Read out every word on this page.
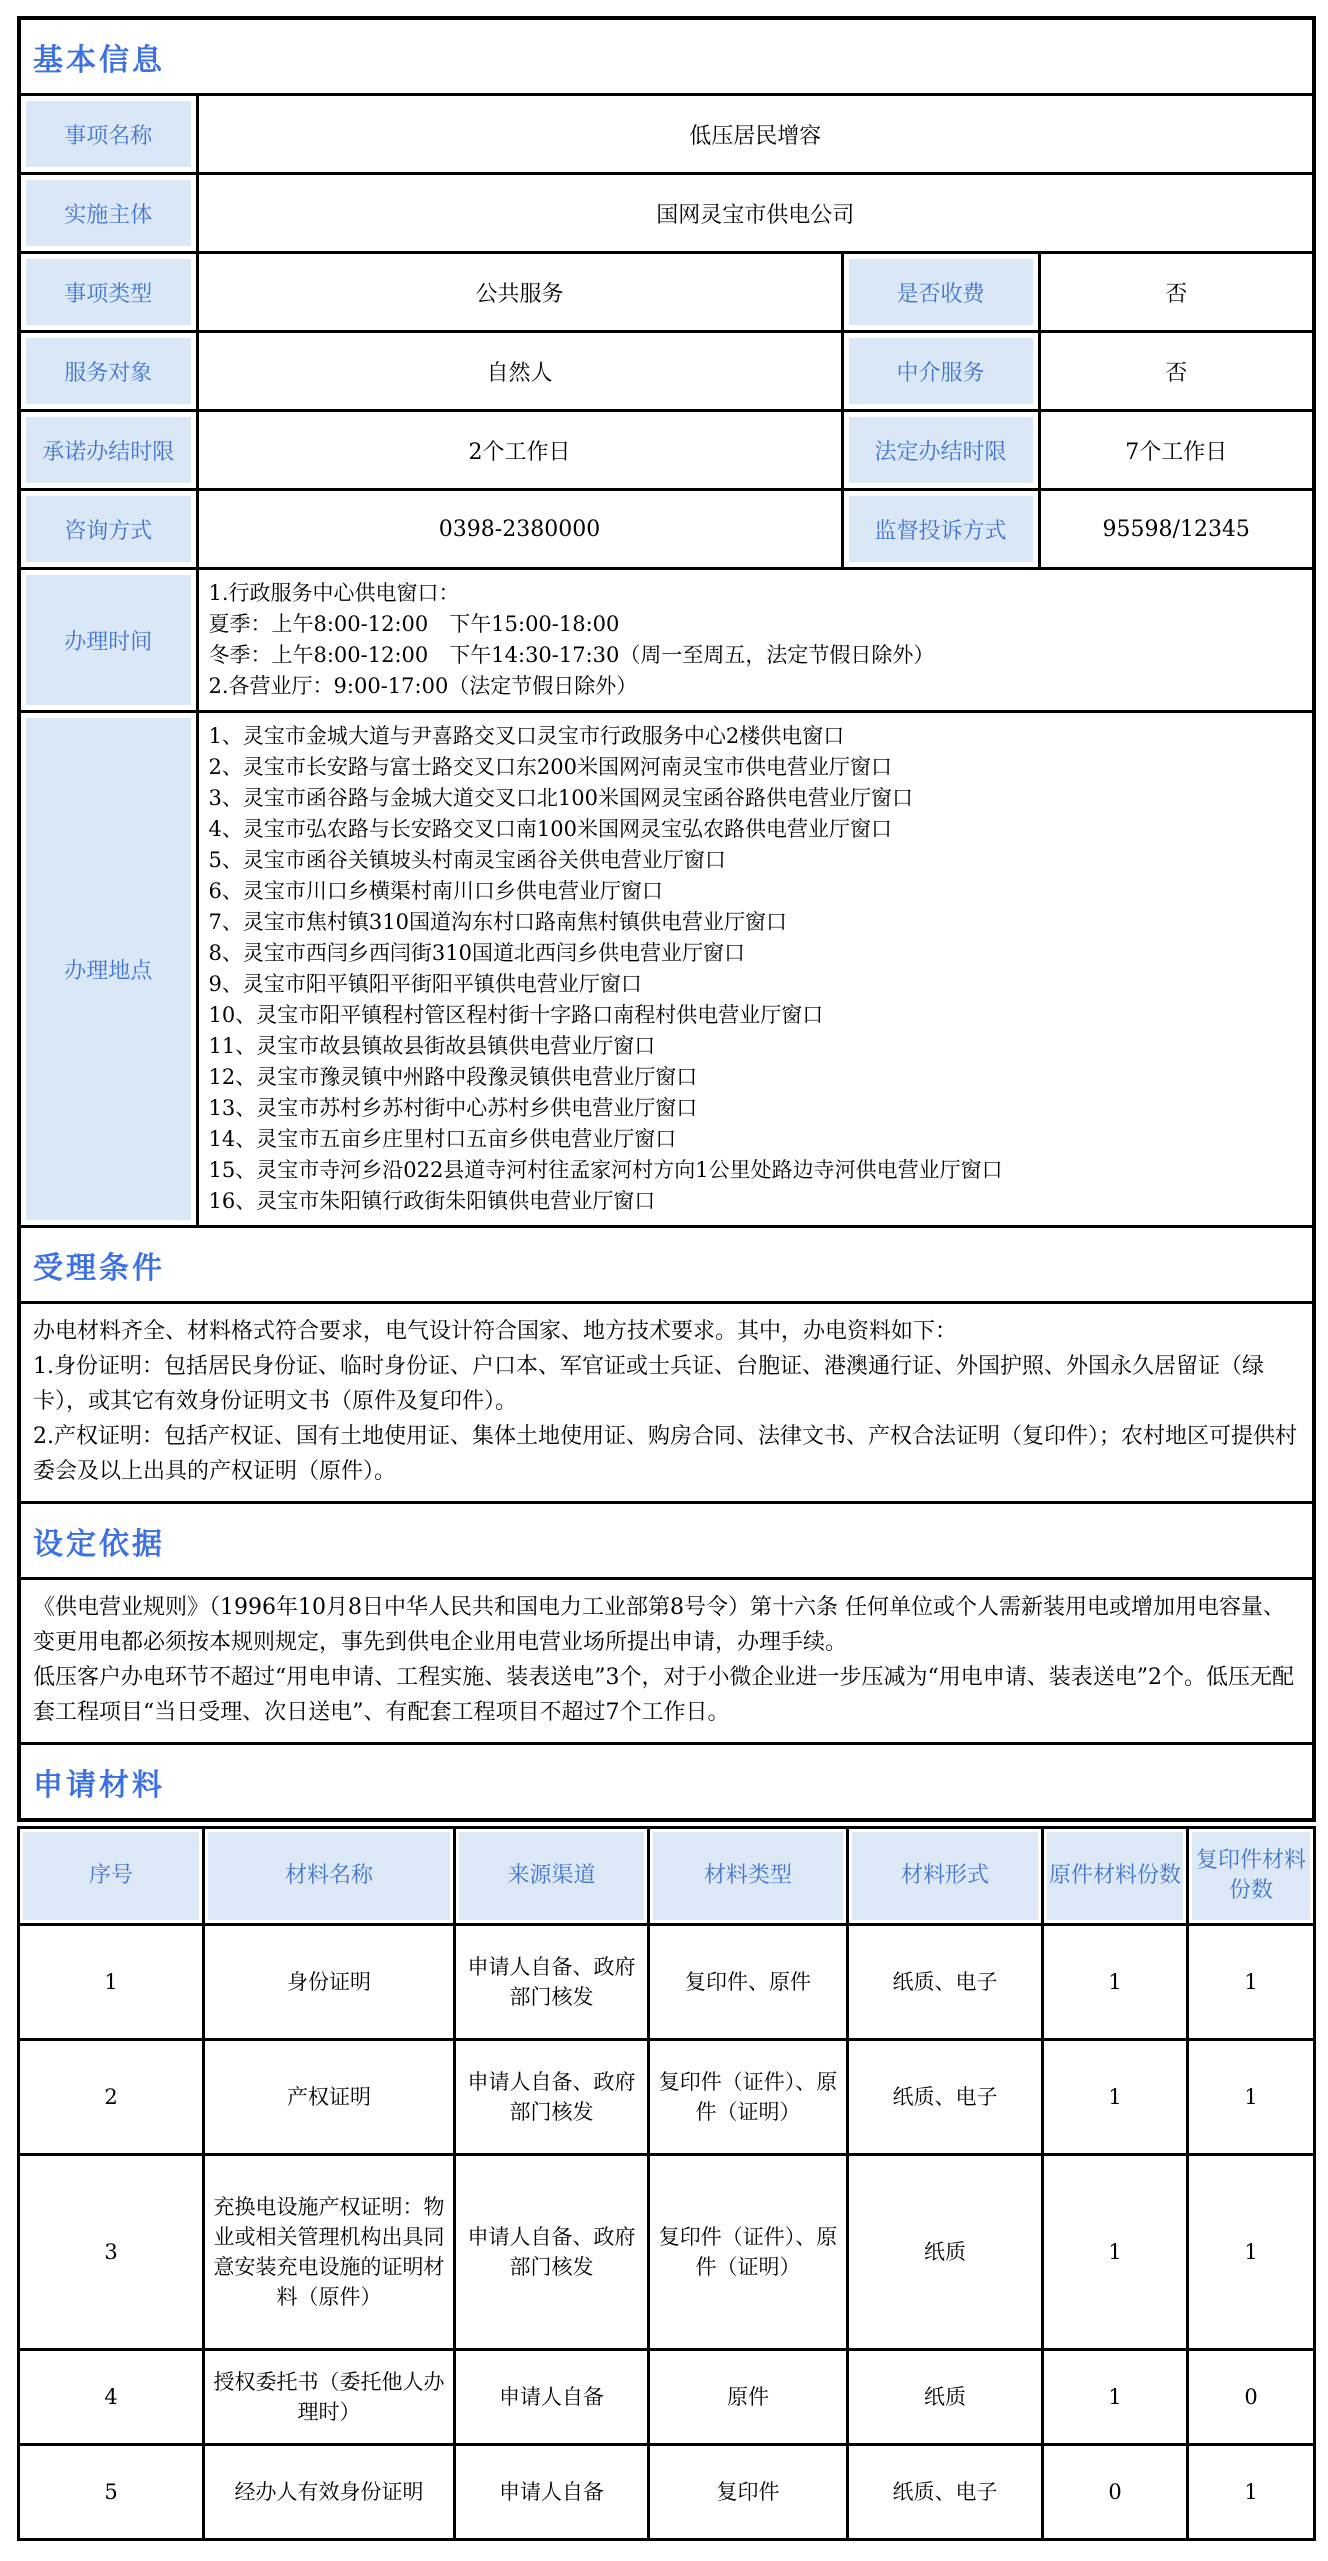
基本信息			
事项名称	低压居民增容		
实施主体	国网灵宝市供电公司		
事项类型	公共服务	是否收费	否
服务对象	自然人	中介服务	否
承诺办结时限	2个工作日	法定办结时限	7个工作日
咨询方式	0398-2380000	监督投诉方式	95598/12345
办理时间	1.行政服务中心供电窗口：
夏季：上午8:00-12:00　下午15:00-18:00
冬季：上午8:00-12:00　下午14:30-17:30（周一至周五，法定节假日除外）
2.各营业厅：9:00-17:00（法定节假日除外）		

办理地点	
1、灵宝市金城大道与尹喜路交叉口灵宝市行政服务中心2楼供电窗口
2、灵宝市长安路与富士路交叉口东200米国网河南灵宝市供电营业厅窗口
3、灵宝市函谷路与金城大道交叉口北100米国网灵宝函谷路供电营业厅窗口
4、灵宝市弘农路与长安路交叉口南100米国网灵宝弘农路供电营业厅窗口
5、灵宝市函谷关镇坡头村南灵宝函谷关供电营业厅窗口
6、灵宝市川口乡横渠村南川口乡供电营业厅窗口
7、灵宝市焦村镇310国道沟东村口路南焦村镇供电营业厅窗口
8、灵宝市西闫乡西闫街310国道北西闫乡供电营业厅窗口
9、灵宝市阳平镇阳平街阳平镇供电营业厅窗口
10、灵宝市阳平镇程村管区程村街十字路口南程村供电营业厅窗口
11、灵宝市故县镇故县街故县镇供电营业厅窗口
12、灵宝市豫灵镇中州路中段豫灵镇供电营业厅窗口
13、灵宝市苏村乡苏村街中心苏村乡供电营业厅窗口
14、灵宝市五亩乡庄里村口五亩乡供电营业厅窗口
15、灵宝市寺河乡沿022县道寺河村往孟家河村方向1公里处路边寺河供电营业厅窗口
16、灵宝市朱阳镇行政街朱阳镇供电营业厅窗口

受理条件			

办电材料齐全、材料格式符合要求，电气设计符合国家、地方技术要求。其中，办电资料如下：
1.身份证明：包括居民身份证、临时身份证、户口本、军官证或士兵证、台胞证、港澳通行证、外国护照、外国永久居留证（绿卡），或其它有效身份证明文书（原件及复印件）。
2.产权证明：包括产权证、国有土地使用证、集体土地使用证、购房合同、法律文书、产权合法证明（复印件）；农村地区可提供村委会及以上出具的产权证明（原件）。			

设定依据			

《供电营业规则》（1996年10月8日中华人民共和国电力工业部第8号令）第十六条 任何单位或个人需新装用电或增加用电容量、变更用电都必须按本规则规定，事先到供电企业用电营业场所提出申请，办理手续。
低压客户办电环节不超过“用电申请、工程实施、装表送电”3个，对于小微企业进一步压减为“用电申请、装表送电”2个。低压无配套工程项目“当日受理、次日送电”、有配套工程项目不超过7个工作日。			

申请材料			
序号	材料名称	来源渠道	材料类型	材料形式	原件材料份数	复印件材料份数
1	身份证明	申请人自备、政府部门核发	复印件、原件	纸质、电子	1	1
2	产权证明	申请人自备、政府部门核发	复印件（证件）、原件（证明）	纸质、电子	1	1
3	充换电设施产权证明：物业或相关管理机构出具同意安装充电设施的证明材料（原件）	申请人自备、政府部门核发	复印件（证件）、原件（证明）	纸质	1	1
4	授权委托书（委托他人办理时）	申请人自备	原件	纸质	1	0
5	经办人有效身份证明	申请人自备	复印件	纸质、电子	0	1
